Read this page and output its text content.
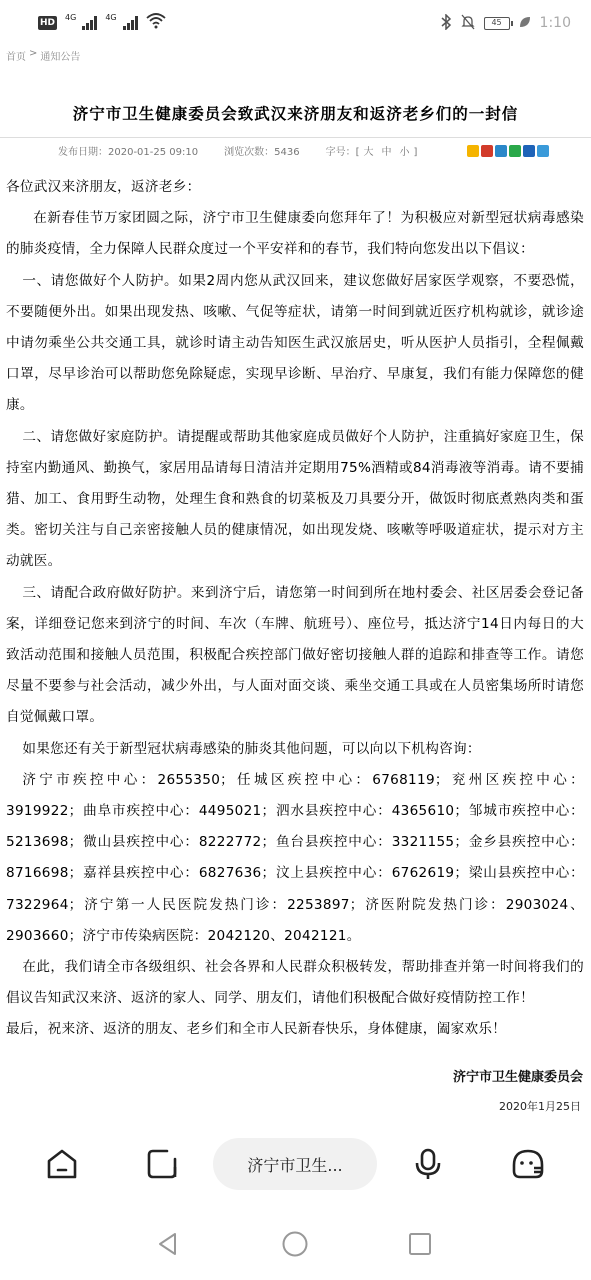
HD
4G	4G	45	1:10
首页 > 通知公告
济宁市卫生健康委员会致武汉来济朋友和返济老乡们的一封信
发布日期：2020-01-25 09:10	浏览次数：5436	字号：[ 大 中 小 ]

各位武汉来济朋友，返济老乡：

在新春佳节万家团圆之际，济宁市卫生健康委向您拜年了！为积极应对新型冠状病毒感染的肺炎疫情，全力保障人民群众度过一个平安祥和的春节，我们特向您发出以下倡议：

一、请您做好个人防护。如果2周内您从武汉回来，建议您做好居家医学观察，不要恐慌，不要随便外出。如果出现发热、咳嗽、气促等症状，请第一时间到就近医疗机构就诊，就诊途中请勿乘坐公共交通工具，就诊时请主动告知医生武汉旅居史，听从医护人员指引，全程佩戴口罩，尽早诊治可以帮助您免除疑虑，实现早诊断、早治疗、早康复，我们有能力保障您的健康。

二、请您做好家庭防护。请提醒或帮助其他家庭成员做好个人防护，注重搞好家庭卫生，保持室内勤通风、勤换气，家居用品请每日清洁并定期用75%酒精或84消毒液等消毒。请不要捕猎、加工、食用野生动物，处理生食和熟食的切菜板及刀具要分开，做饭时彻底煮熟肉类和蛋类。密切关注与自己亲密接触人员的健康情况，如出现发烧、咳嗽等呼吸道症状，提示对方主动就医。

三、请配合政府做好防护。来到济宁后，请您第一时间到所在地村委会、社区居委会登记备案，详细登记您来到济宁的时间、车次（车牌、航班号）、座位号，抵达济宁14日内每日的大致活动范围和接触人员范围，积极配合疾控部门做好密切接触人群的追踪和排查等工作。请您尽量不要参与社会活动，减少外出，与人面对面交谈、乘坐交通工具或在人员密集场所时请您自觉佩戴口罩。

如果您还有关于新型冠状病毒感染的肺炎其他问题，可以向以下机构咨询：

济宁市疾控中心：2655350；任城区疾控中心：6768119；兖州区疾控中心：3919922；曲阜市疾控中心：4495021；泗水县疾控中心：4365610；邹城市疾控中心：5213698；微山县疾控中心：8222772；鱼台县疾控中心：3321155；金乡县疾控中心：8716698；嘉祥县疾控中心：6827636；汶上县疾控中心：6762619；梁山县疾控中心：7322964；济宁第一人民医院发热门诊：2253897；济医附院发热门诊：2903024、2903660；济宁市传染病医院：2042120、2042121。

在此，我们请全市各级组织、社会各界和人民群众积极转发，帮助排查并第一时间将我们的倡议告知武汉来济、返济的家人、同学、朋友们，请他们积极配合做好疫情防控工作！

最后，祝来济、返济的朋友、老乡们和全市人民新春快乐，身体健康，阖家欢乐！

济宁市卫生健康委员会
2020年1月25日
济宁市卫生...
